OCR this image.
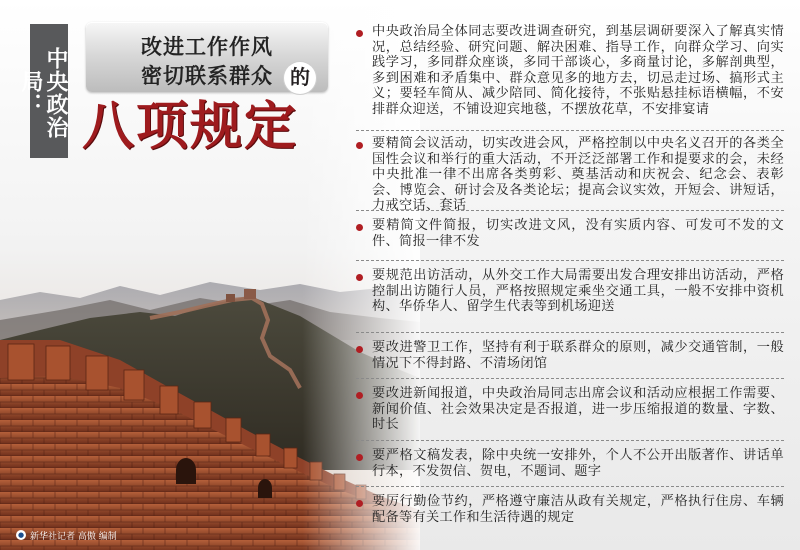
中央政治局：
改进工作作风
密切联系群众 的
八项规定
● 新华社记者 高傲 编制
中央政治局全体同志要改进调查研究，到基层调研要深入了解真实情况，总结经验、研究问题、解决困难、指导工作，向群众学习、向实践学习，多同群众座谈，多同干部谈心，多商量讨论，多解剖典型，多到困难和矛盾集中、群众意见多的地方去，切忌走过场、搞形式主义；要轻车简从、减少陪同、简化接待，不张贴悬挂标语横幅，不安排群众迎送，不铺设迎宾地毯，不摆放花草，不安排宴请
要精简会议活动，切实改进会风，严格控制以中央名义召开的各类全国性会议和举行的重大活动，不开泛泛部署工作和提要求的会，未经中央批准一律不出席各类剪彩、奠基活动和庆祝会、纪念会、表彰会、博览会、研讨会及各类论坛；提高会议实效，开短会、讲短话，力戒空话、套话
要精简文件简报，切实改进文风，没有实质内容、可发可不发的文件、简报一律不发
要规范出访活动，从外交工作大局需要出发合理安排出访活动，严格控制出访随行人员，严格按照规定乘坐交通工具，一般不安排中资机构、华侨华人、留学生代表等到机场迎送
要改进警卫工作，坚持有利于联系群众的原则，减少交通管制，一般情况下不得封路、不清场闭馆
要改进新闻报道，中央政治局同志出席会议和活动应根据工作需要、新闻价值、社会效果决定是否报道，进一步压缩报道的数量、字数、时长
要严格文稿发表，除中央统一安排外，个人不公开出版著作、讲话单行本，不发贺信、贺电，不题词、题字
要厉行勤俭节约，严格遵守廉洁从政有关规定，严格执行住房、车辆配备等有关工作和生活待遇的规定
